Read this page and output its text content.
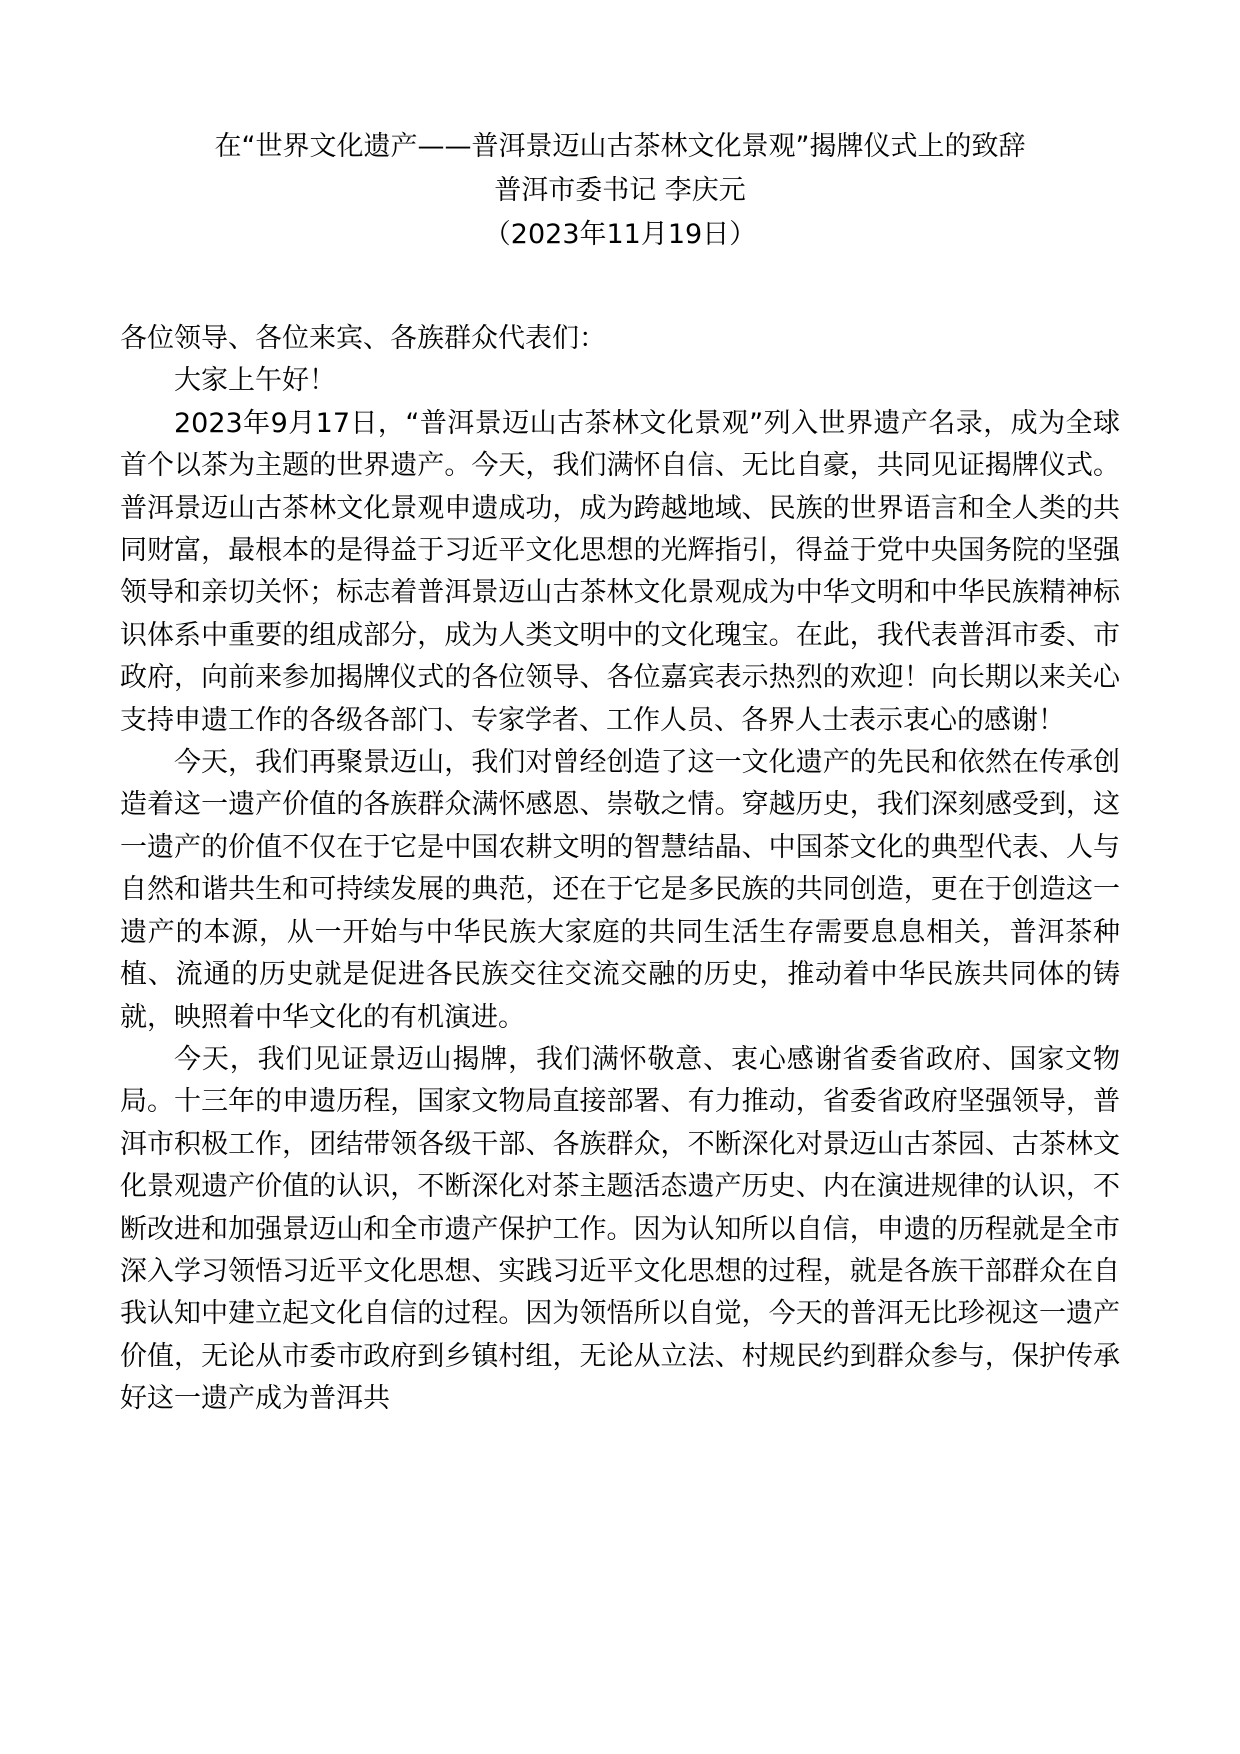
在“世界文化遗产——普洱景迈山古茶林文化景观”揭牌仪式上的致辞
普洱市委书记 李庆元
（2023年11月19日）

各位领导、各位来宾、各族群众代表们：

大家上午好！

2023年9月17日，“普洱景迈山古茶林文化景观”列入世界遗产名录，成为全球首个以茶为主题的世界遗产。今天，我们满怀自信、无比自豪，共同见证揭牌仪式。普洱景迈山古茶林文化景观申遗成功，成为跨越地域、民族的世界语言和全人类的共同财富，最根本的是得益于习近平文化思想的光辉指引，得益于党中央国务院的坚强领导和亲切关怀；标志着普洱景迈山古茶林文化景观成为中华文明和中华民族精神标识体系中重要的组成部分，成为人类文明中的文化瑰宝。在此，我代表普洱市委、市政府，向前来参加揭牌仪式的各位领导、各位嘉宾表示热烈的欢迎！向长期以来关心支持申遗工作的各级各部门、专家学者、工作人员、各界人士表示衷心的感谢！

今天，我们再聚景迈山，我们对曾经创造了这一文化遗产的先民和依然在传承创造着这一遗产价值的各族群众满怀感恩、崇敬之情。穿越历史，我们深刻感受到，这一遗产的价值不仅在于它是中国农耕文明的智慧结晶、中国茶文化的典型代表、人与自然和谐共生和可持续发展的典范，还在于它是多民族的共同创造，更在于创造这一遗产的本源，从一开始与中华民族大家庭的共同生活生存需要息息相关，普洱茶种植、流通的历史就是促进各民族交往交流交融的历史，推动着中华民族共同体的铸就，映照着中华文化的有机演进。

今天，我们见证景迈山揭牌，我们满怀敬意、衷心感谢省委省政府、国家文物局。十三年的申遗历程，国家文物局直接部署、有力推动，省委省政府坚强领导，普洱市积极工作，团结带领各级干部、各族群众，不断深化对景迈山古茶园、古茶林文化景观遗产价值的认识，不断深化对茶主题活态遗产历史、内在演进规律的认识，不断改进和加强景迈山和全市遗产保护工作。因为认知所以自信，申遗的历程就是全市深入学习领悟习近平文化思想、实践习近平文化思想的过程，就是各族干部群众在自我认知中建立起文化自信的过程。因为领悟所以自觉，今天的普洱无比珍视这一遗产价值，无论从市委市政府到乡镇村组，无论从立法、村规民约到群众参与，保护传承好这一遗产成为普洱共
